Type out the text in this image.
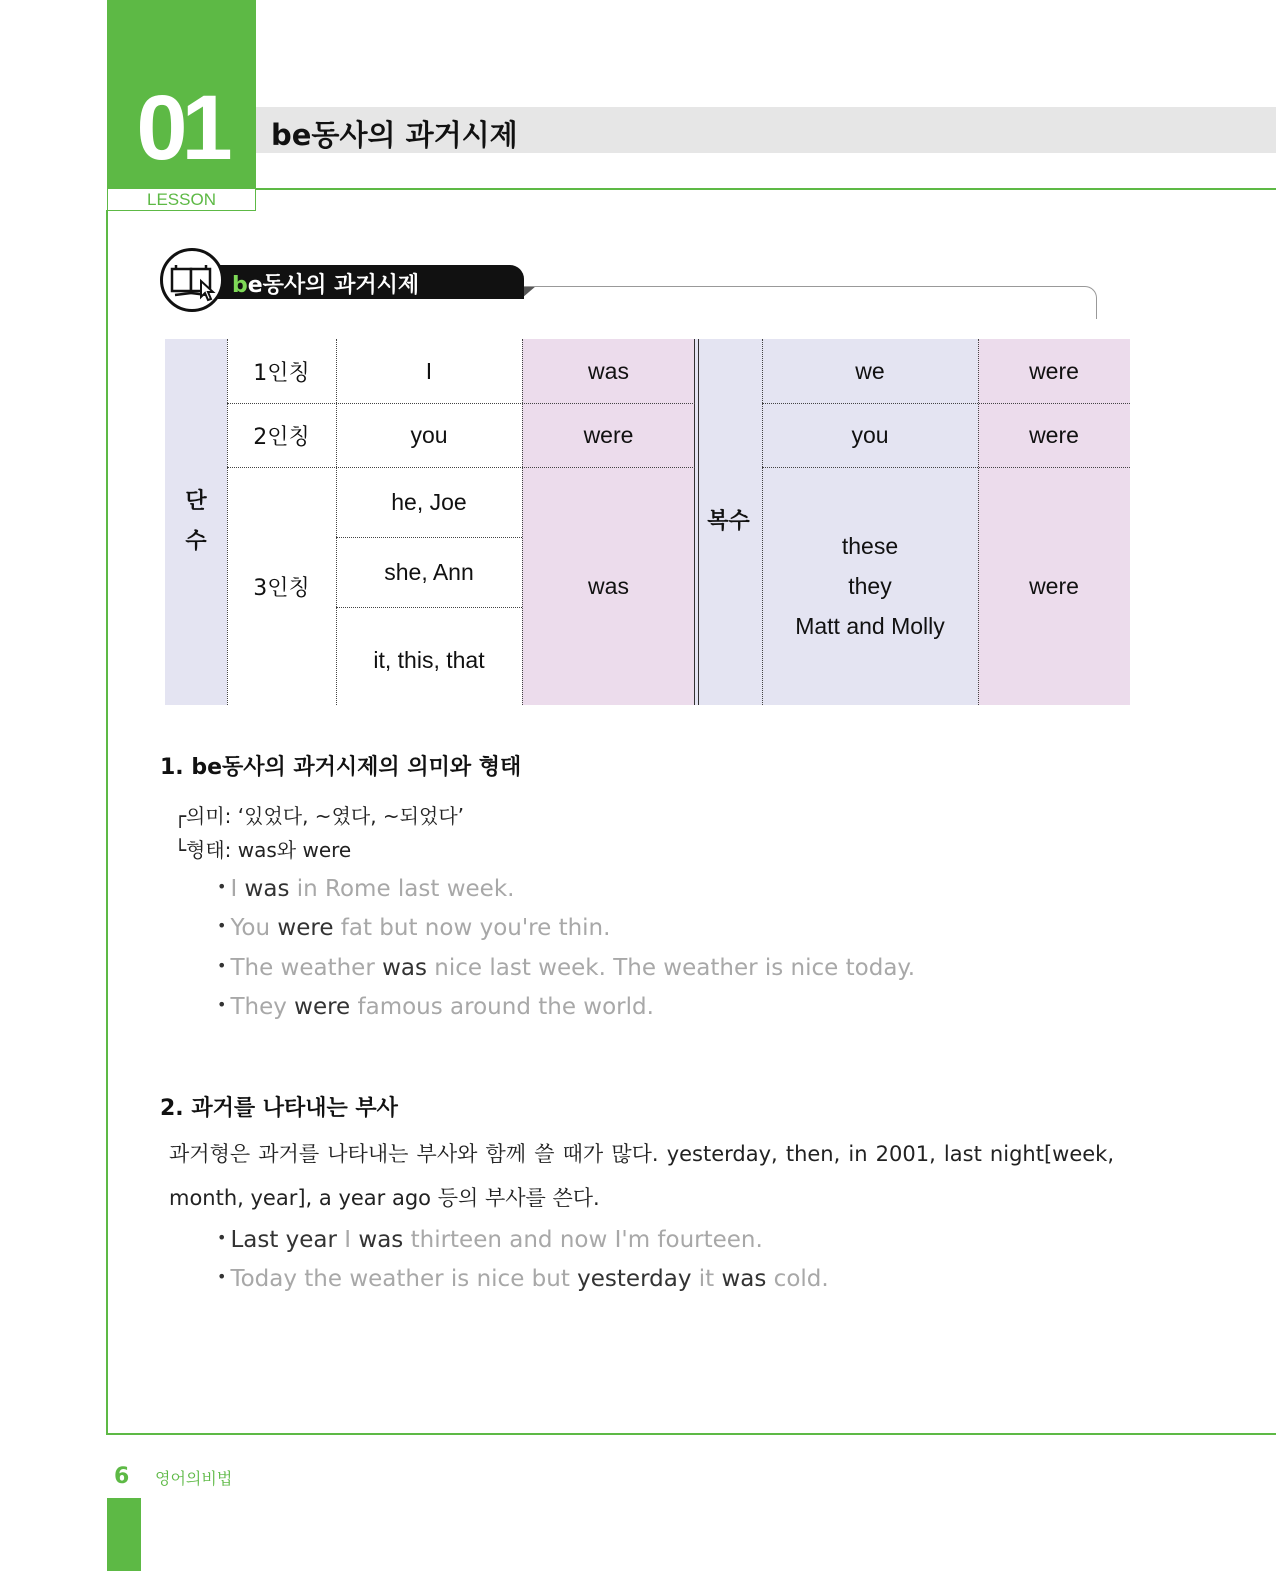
01
LESSON
be동사의 과거시제
be동사의 과거시제
단
수
1인칭
2인칭
3인칭
I
you
he, Joe
she, Ann
it, this, that
was
were
was
복수
we
you
these
they
Matt and Molly
were
were
were
1. be동사의 과거시제의 의미와 형태
┌의미: ‘있었다, ~였다, ~되었다’
└형태: was와 were
• I was in Rome last week.
• You were fat but now you're thin.
• The weather was nice last week. The weather is nice today.
• They were famous around the world.
2. 과거를 나타내는 부사
과거형은 과거를 나타내는 부사와 함께 쓸 때가 많다. yesterday, then, in 2001, last night[week, month, year], a year ago 등의 부사를 쓴다.
• Last year I was thirteen and now I'm fourteen.
• Today the weather is nice but yesterday it was cold.
6 영어의비법
